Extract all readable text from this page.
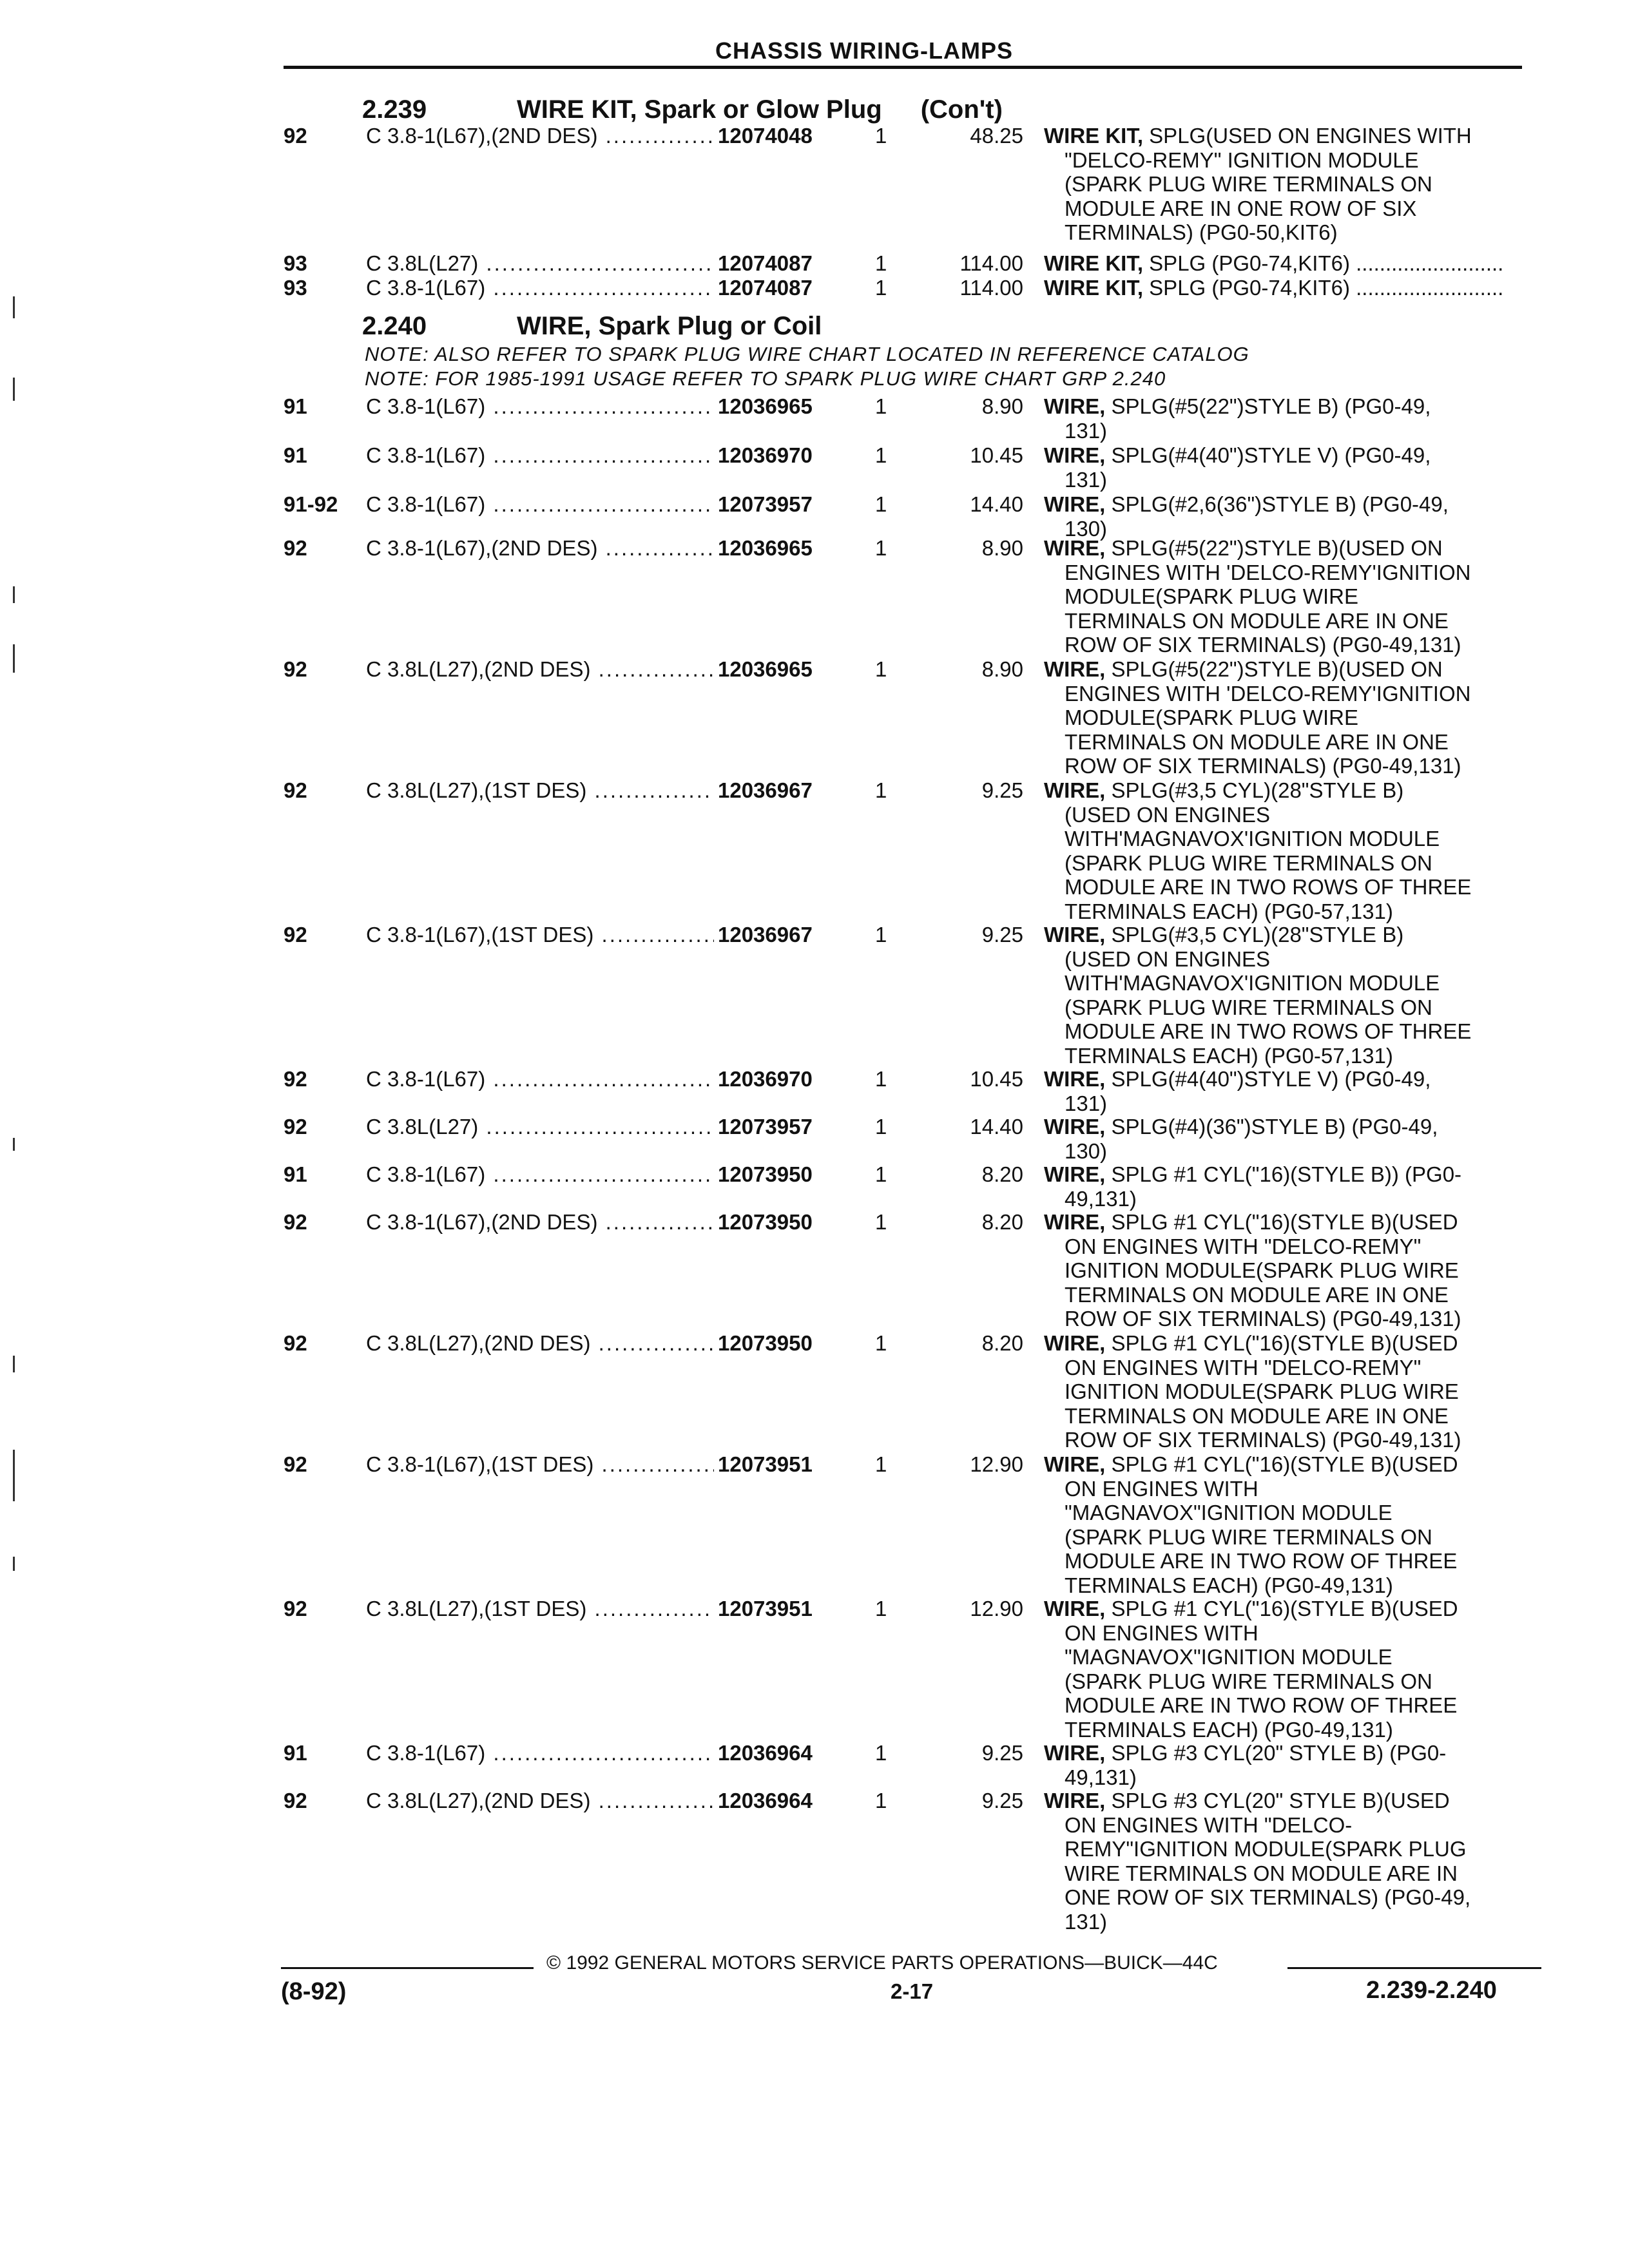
CHASSIS WIRING-LAMPS
2.239	WIRE KIT, Spark or Glow Plug (Con't)
2.240	WIRE, Spark Plug or Coil
NOTE: ALSO REFER TO SPARK PLUG WIRE CHART LOCATED IN REFERENCE CATALOG
NOTE: FOR 1985-1991 USAGE REFER TO SPARK PLUG WIRE CHART GRP 2.240
92	C 3.8-1(L67),(2ND DES) .....	12074048	1	48.25 WIRE KIT, SPLG(USED ON ENGINES WITH
"DELCO-REMY" IGNITION MODULE
(SPARK PLUG WIRE TERMINALS ON
MODULE ARE IN ONE ROW OF SIX
TERMINALS) (PG0-50,KIT6) .....
93	C 3.8L(L27) .....	12074087	1	114.00 WIRE KIT, SPLG (PG0-74,KIT6) .........................
93	C 3.8-1(L67) .....	12074087	1	114.00 WIRE KIT, SPLG (PG0-74,KIT6) .........................
91	C 3.8-1(L67) .....	12036965	1	8.90 WIRE, SPLG(#5(22")STYLE B) (PG0-49,
131) .....
91	C 3.8-1(L67) .....	12036970	1	10.45 WIRE, SPLG(#4(40")STYLE V) (PG0-49,
131) .....
91-92	C 3.8-1(L67) .....	12073957	1	14.40 WIRE, SPLG(#2,6(36")STYLE B) (PG0-49,
130) .....
92	C 3.8-1(L67),(2ND DES) .....	12036965	1	8.90 WIRE, SPLG(#5(22")STYLE B)(USED ON
ENGINES WITH 'DELCO-REMY'IGNITION
MODULE(SPARK PLUG WIRE
TERMINALS ON MODULE ARE IN ONE
ROW OF SIX TERMINALS) (PG0-49,131) .....
92	C 3.8L(L27),(2ND DES) .....	12036965	1	8.90 WIRE, SPLG(#5(22")STYLE B)(USED ON
ENGINES WITH 'DELCO-REMY'IGNITION
MODULE(SPARK PLUG WIRE
TERMINALS ON MODULE ARE IN ONE
ROW OF SIX TERMINALS) (PG0-49,131) .....
92	C 3.8L(L27),(1ST DES) .....	12036967	1	9.25 WIRE, SPLG(#3,5 CYL)(28"STYLE B)
(USED ON ENGINES
WITH'MAGNAVOX'IGNITION MODULE
(SPARK PLUG WIRE TERMINALS ON
MODULE ARE IN TWO ROWS OF THREE
TERMINALS EACH) (PG0-57,131) .....
92	C 3.8-1(L67),(1ST DES) .....	12036967	1	9.25 WIRE, SPLG(#3,5 CYL)(28"STYLE B)
(USED ON ENGINES
WITH'MAGNAVOX'IGNITION MODULE
(SPARK PLUG WIRE TERMINALS ON
MODULE ARE IN TWO ROWS OF THREE
TERMINALS EACH) (PG0-57,131) .....
92	C 3.8-1(L67) .....	12036970	1	10.45 WIRE, SPLG(#4(40")STYLE V) (PG0-49,
131) .....
92	C 3.8L(L27) .....	12073957	1	14.40 WIRE, SPLG(#4)(36")STYLE B) (PG0-49,
130) .....
91	C 3.8-1(L67) .....	12073950	1	8.20 WIRE, SPLG #1 CYL("16)(STYLE B)) (PG0-
49,131) .....
92	C 3.8-1(L67),(2ND DES) .....	12073950	1	8.20 WIRE, SPLG #1 CYL("16)(STYLE B)(USED
ON ENGINES WITH "DELCO-REMY"
IGNITION MODULE(SPARK PLUG WIRE
TERMINALS ON MODULE ARE IN ONE
ROW OF SIX TERMINALS) (PG0-49,131) .....
92	C 3.8L(L27),(2ND DES) .....	12073950	1	8.20 WIRE, SPLG #1 CYL("16)(STYLE B)(USED
ON ENGINES WITH "DELCO-REMY"
IGNITION MODULE(SPARK PLUG WIRE
TERMINALS ON MODULE ARE IN ONE
ROW OF SIX TERMINALS) (PG0-49,131) .....
92	C 3.8-1(L67),(1ST DES) .....	12073951	1	12.90 WIRE, SPLG #1 CYL("16)(STYLE B)(USED
ON ENGINES WITH
"MAGNAVOX"IGNITION MODULE
(SPARK PLUG WIRE TERMINALS ON
MODULE ARE IN TWO ROW OF THREE
TERMINALS EACH) (PG0-49,131) .....
92	C 3.8L(L27),(1ST DES) .....	12073951	1	12.90 WIRE, SPLG #1 CYL("16)(STYLE B)(USED
ON ENGINES WITH
"MAGNAVOX"IGNITION MODULE
(SPARK PLUG WIRE TERMINALS ON
MODULE ARE IN TWO ROW OF THREE
TERMINALS EACH) (PG0-49,131) .....
91	C 3.8-1(L67) .....	12036964	1	9.25 WIRE, SPLG #3 CYL(20" STYLE B) (PG0-
49,131) .....
92	C 3.8L(L27),(2ND DES) .....	12036964	1	9.25 WIRE, SPLG #3 CYL(20" STYLE B)(USED
ON ENGINES WITH "DELCO-
REMY"IGNITION MODULE(SPARK PLUG
WIRE TERMINALS ON MODULE ARE IN
ONE ROW OF SIX TERMINALS) (PG0-49,
131) .....
© 1992 GENERAL MOTORS SERVICE PARTS OPERATIONS—BUICK—44C
(8-92)	2-17	2.239-2.240
